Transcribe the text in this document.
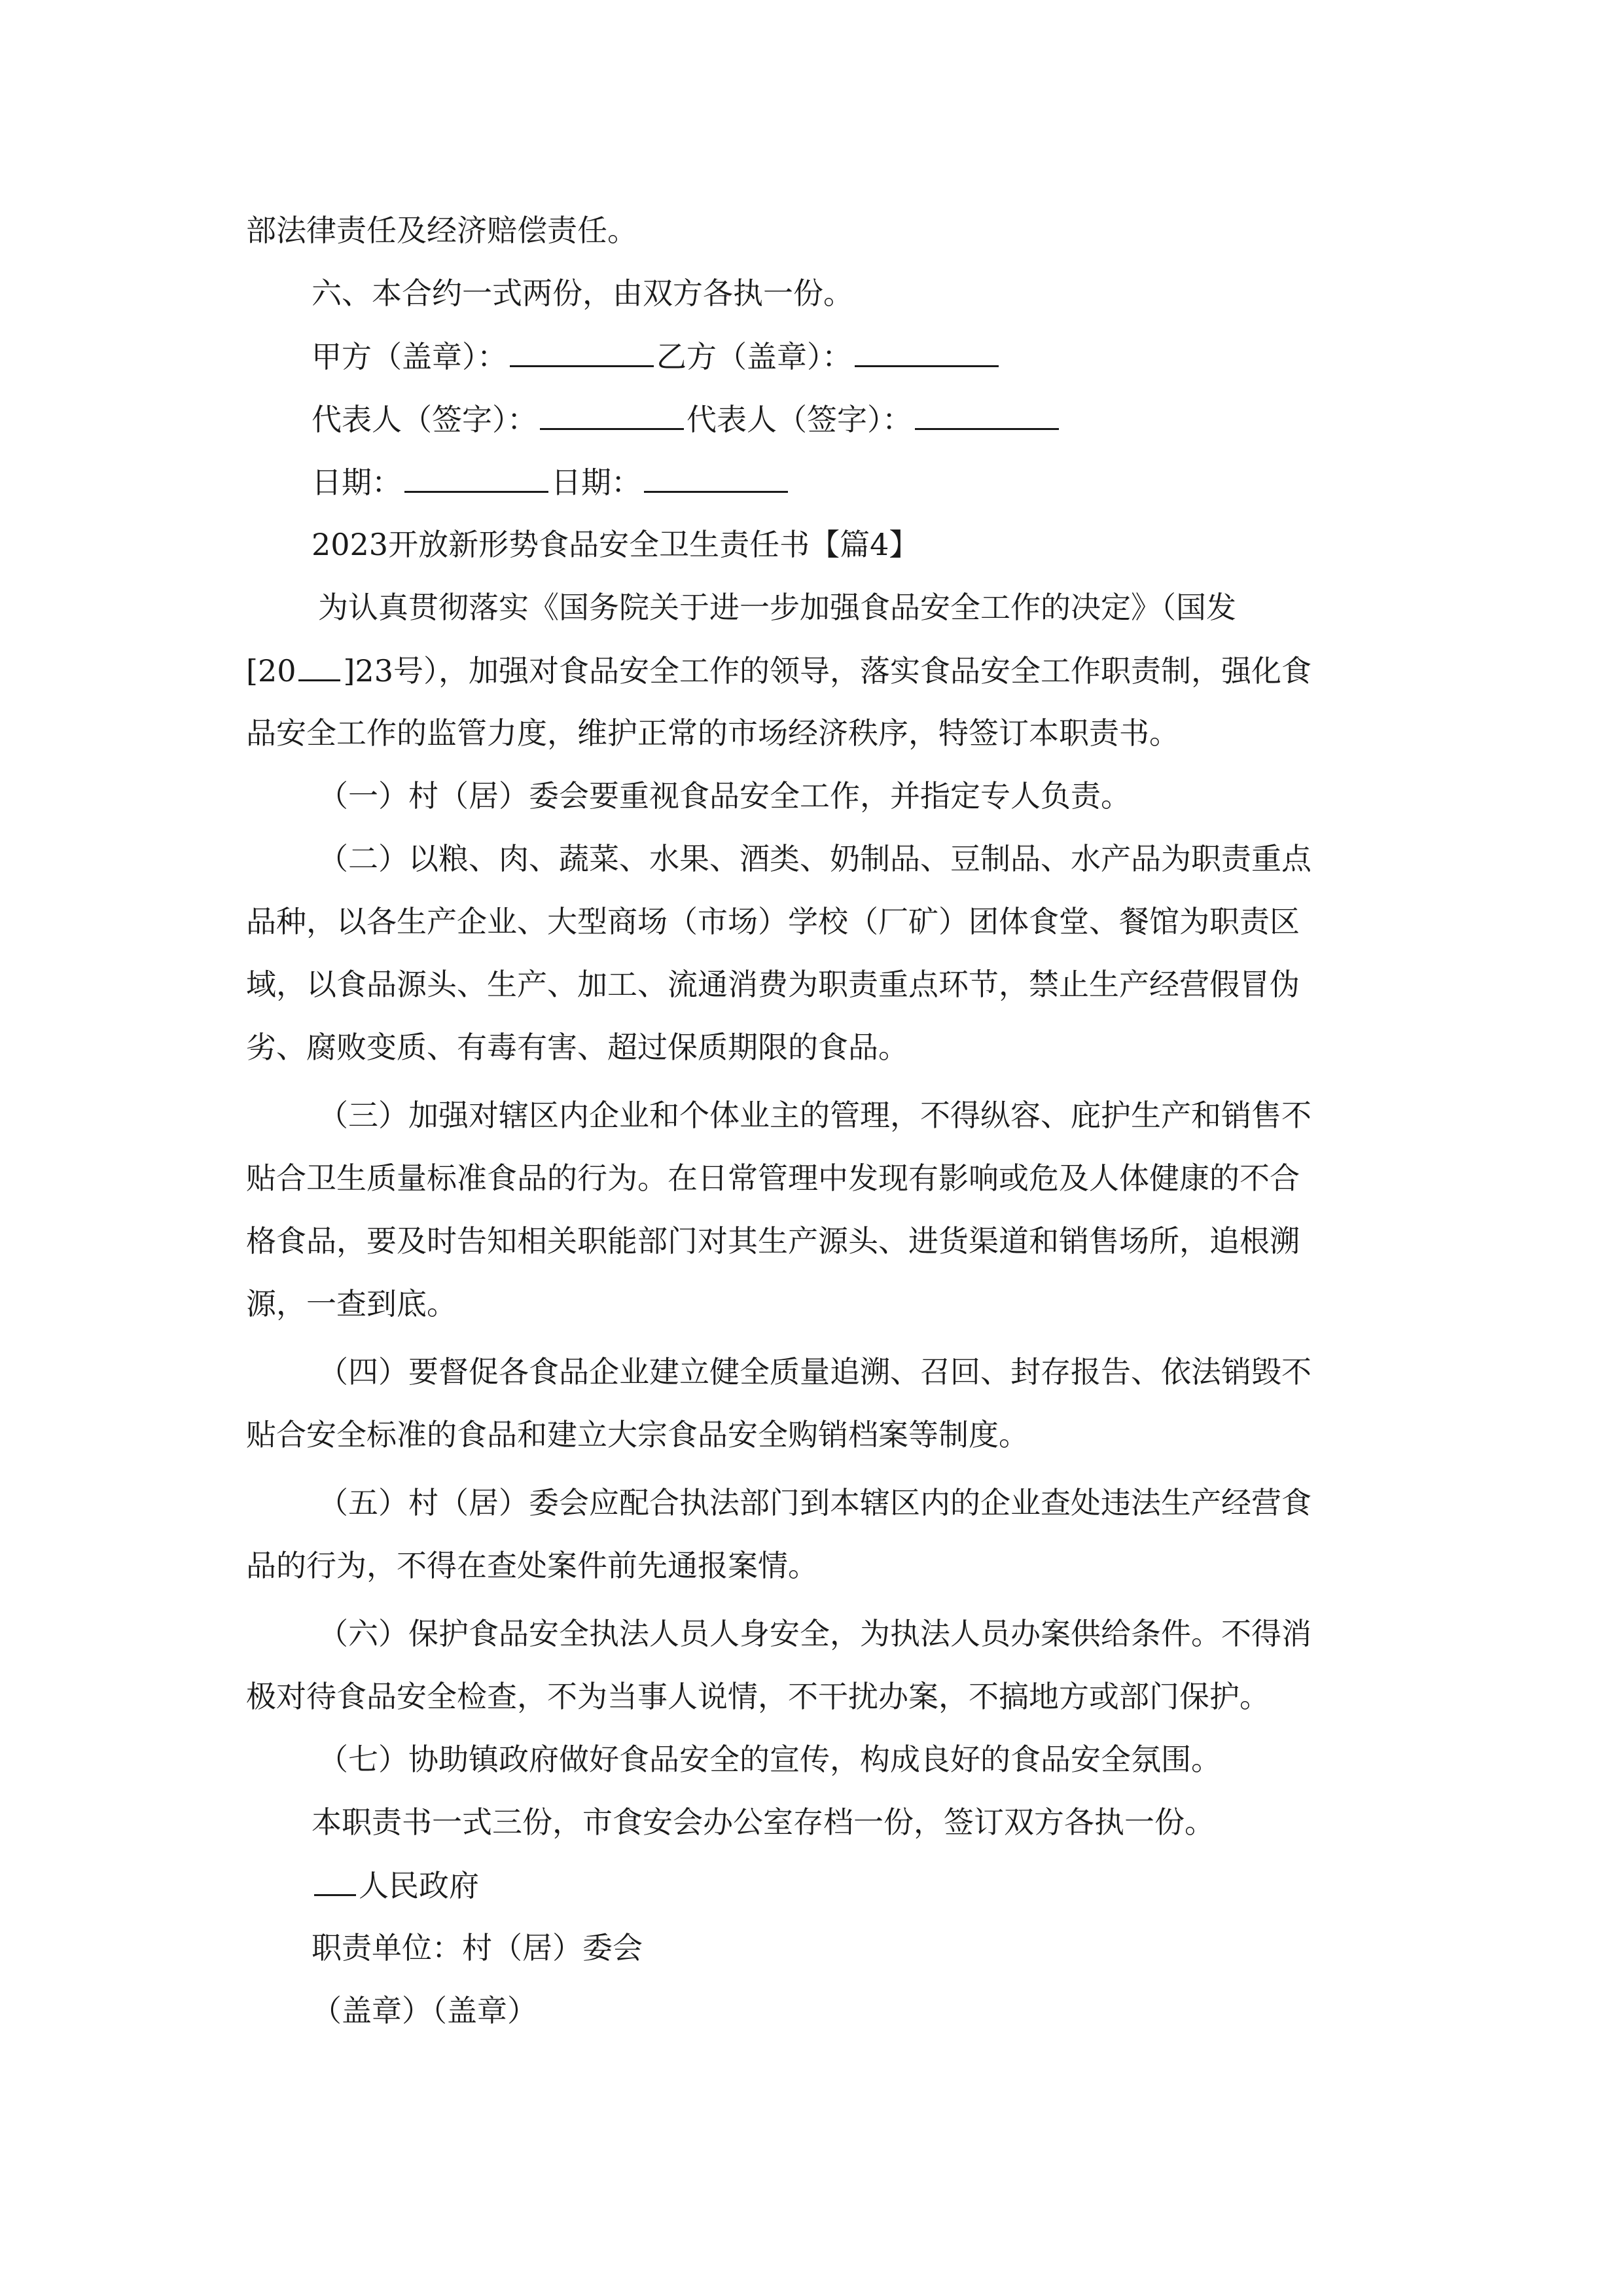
部法律责任及经济赔偿责任。
六、本合约一式两份，由双方各执一份。
甲方（盖章）：	乙方（盖章）：
代表人（签字）：	代表人（签字）：
日期：	日期：
2023开放新形势食品安全卫生责任书【篇4】
为认真贯彻落实《国务院关于进一步加强食品安全工作的决定》（国发
[20 ]23号），加强对食品安全工作的领导，落实食品安全工作职责制，强化食
品安全工作的监管力度，维护正常的市场经济秩序，特签订本职责书。
（一）村（居）委会要重视食品安全工作，并指定专人负责。
（二）以粮、肉、蔬菜、水果、酒类、奶制品、豆制品、水产品为职责重点
品种，以各生产企业、大型商场（市场）学校（厂矿）团体食堂、餐馆为职责区
域，以食品源头、生产、加工、流通消费为职责重点环节，禁止生产经营假冒伪
劣、腐败变质、有毒有害、超过保质期限的食品。
（三）加强对辖区内企业和个体业主的管理，不得纵容、庇护生产和销售不
贴合卫生质量标准食品的行为。在日常管理中发现有影响或危及人体健康的不合
格食品，要及时告知相关职能部门对其生产源头、进货渠道和销售场所，追根溯
源，一查到底。
（四）要督促各食品企业建立健全质量追溯、召回、封存报告、依法销毁不
贴合安全标准的食品和建立大宗食品安全购销档案等制度。
（五）村（居）委会应配合执法部门到本辖区内的企业查处违法生产经营食
品的行为，不得在查处案件前先通报案情。
（六）保护食品安全执法人员人身安全，为执法人员办案供给条件。不得消
极对待食品安全检查，不为当事人说情，不干扰办案，不搞地方或部门保护。
（七）协助镇政府做好食品安全的宣传，构成良好的食品安全氛围。
本职责书一式三份，市食安会办公室存档一份，签订双方各执一份。
人民政府
职责单位：村（居）委会
（盖章）（盖章）
